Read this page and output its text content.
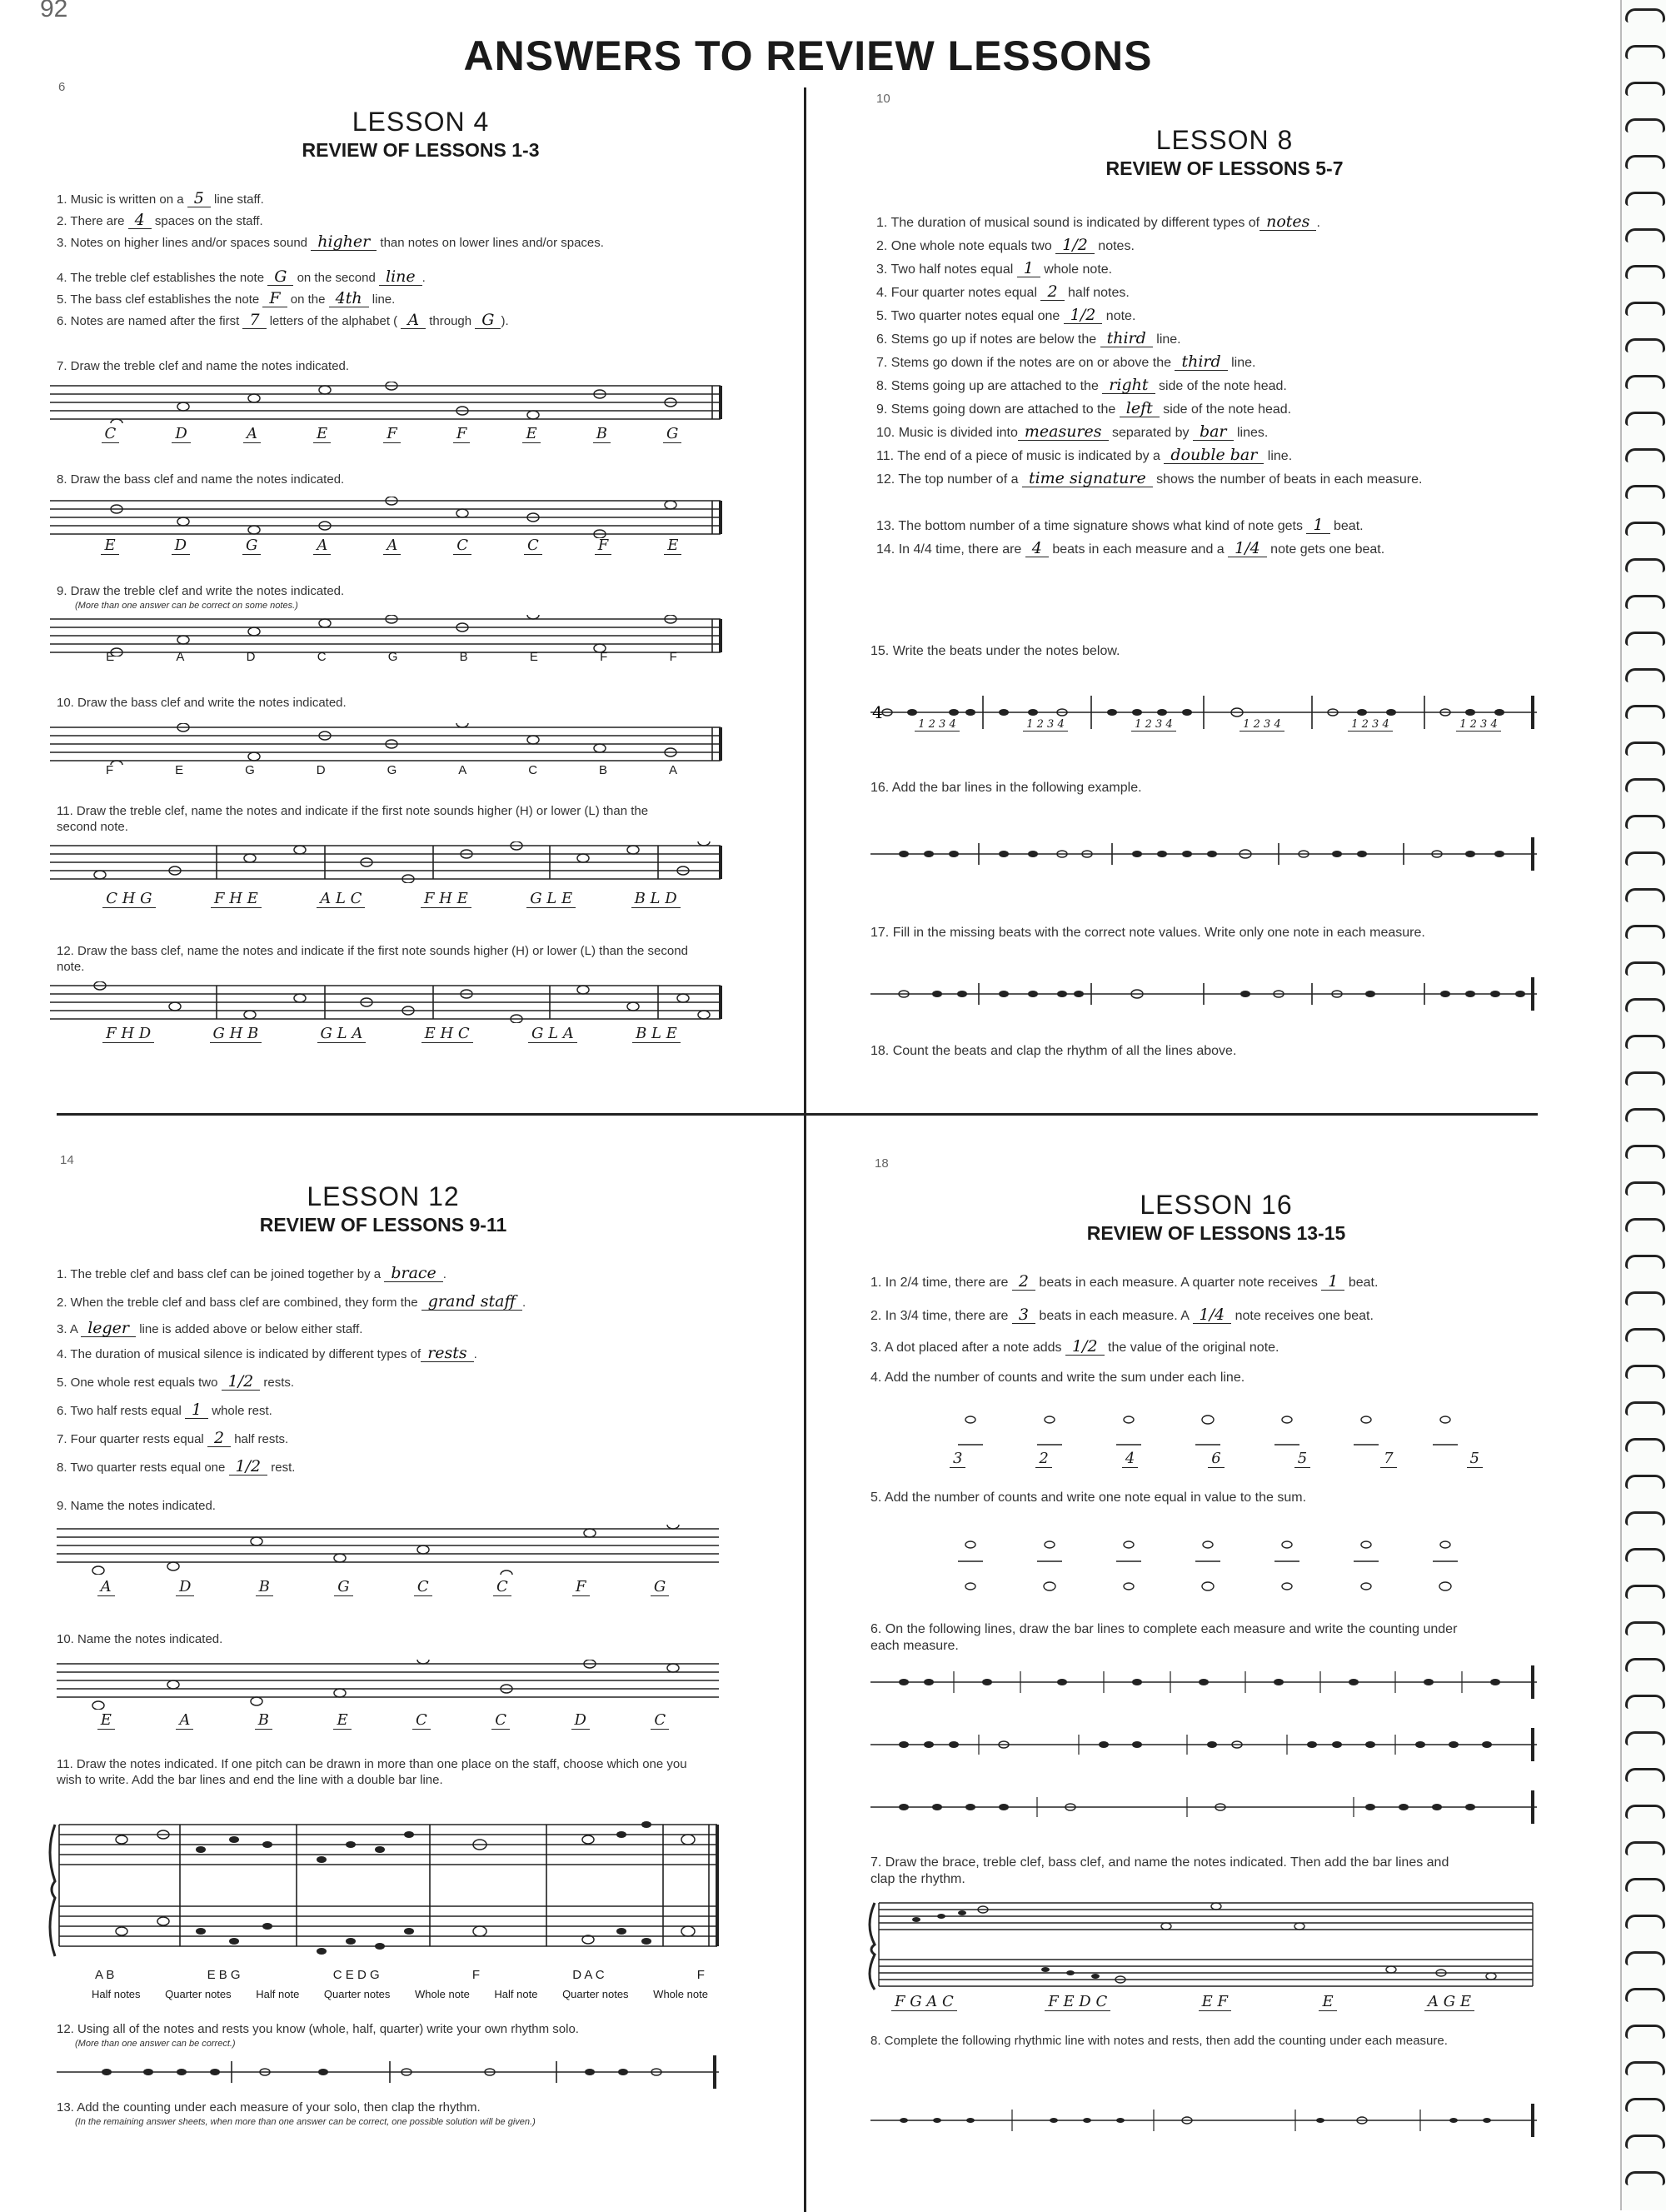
92
ANSWERS TO REVIEW LESSONS
6
LESSON 4
REVIEW OF LESSONS 1-3
1. Music is written on a 5 line staff.
2. There are 4 spaces on the staff.
3. Notes on higher lines and/or spaces sound higher than notes on lower lines and/or spaces.
4. The treble clef establishes the note G on the second line .
5. The bass clef establishes the note F on the 4th line.
6. Notes are named after the first 7 letters of the alphabet ( A through G ).
7. Draw the treble clef and name the notes indicated.
C	D	A	E	F	F	E	B	G
8. Draw the bass clef and name the notes indicated.
E	D	G	A	A	C	C	F	E
9. Draw the treble clef and write the notes indicated.
(More than one answer can be correct on some notes.)
E	A	D	C	G	B	E	F	F
10. Draw the bass clef and write the notes indicated.
F	E	G	D	G	A	C	B	A
11. Draw the treble clef, name the notes and indicate if the first note sounds higher (H) or lower (L) than the second note.
C H G	F H E	A L C	F H E	G L E	B L D
12. Draw the bass clef, name the notes and indicate if the first note sounds higher (H) or lower (L) than the second note.
F H D	G H B	G L A	E H C	G L A	B L E
10
LESSON 8
REVIEW OF LESSONS 5-7
1. The duration of musical sound is indicated by different types of notes .
2. One whole note equals two 1/2 notes.
3. Two half notes equal 1 whole note.
4. Four quarter notes equal 2 half notes.
5. Two quarter notes equal one 1/2 note.
6. Stems go up if notes are below the third line.
7. Stems go down if the notes are on or above the third line.
8. Stems going up are attached to the right side of the note head.
9. Stems going down are attached to the left side of the note head.
10. Music is divided into measures separated by bar lines.
11. The end of a piece of music is indicated by a double bar line.
12. The top number of a time signature shows the number of beats in each measure.
13. The bottom number of a time signature shows what kind of note gets 1 beat.
14. In 4/4 time, there are 4 beats in each measure and a 1/4 note gets one beat.
15. Write the beats under the notes below.
4
1 2 3 4	1 2 3 4	1 2 3 4	1 2 3 4	1 2 3 4	1 2 3 4
16. Add the bar lines in the following example.
17. Fill in the missing beats with the correct note values. Write only one note in each measure.
18. Count the beats and clap the rhythm of all the lines above.
14
LESSON 12
REVIEW OF LESSONS 9-11
1. The treble clef and bass clef can be joined together by a brace .
2. When the treble clef and bass clef are combined, they form the grand staff .
3. A leger line is added above or below either staff.
4. The duration of musical silence is indicated by different types of rests .
5. One whole rest equals two 1/2 rests.
6. Two half rests equal 1 whole rest.
7. Four quarter rests equal 2 half rests.
8. Two quarter rests equal one 1/2 rest.
9. Name the notes indicated.
A	D	B	G	C	C	F	G
10. Name the notes indicated.
E	A	B	E	C	C	D	C
11. Draw the notes indicated. If one pitch can be drawn in more than one place on the staff, choose which one you wish to write. Add the bar lines and end the line with a double bar line.
A B	E B G	C E D G	F	D A C	F
Half notes Quarter notes Half note Quarter notes Whole note Half note Quarter notes Whole note
12. Using all of the notes and rests you know (whole, half, quarter) write your own rhythm solo.
(More than one answer can be correct.)
13. Add the counting under each measure of your solo, then clap the rhythm.
(In the remaining answer sheets, when more than one answer can be correct, one possible solution will be given.)
18
LESSON 16
REVIEW OF LESSONS 13-15
1. In 2/4 time, there are 2 beats in each measure. A quarter note receives 1 beat.
2. In 3/4 time, there are 3 beats in each measure. A 1/4 note receives one beat.
3. A dot placed after a note adds 1/2 the value of the original note.
4. Add the number of counts and write the sum under each line.
3	2	4	6	5	7	5
5. Add the number of counts and write one note equal in value to the sum.
6. On the following lines, draw the bar lines to complete each measure and write the counting under each measure.
7. Draw the brace, treble clef, bass clef, and name the notes indicated. Then add the bar lines and clap the rhythm.
F G A C	F E D C	E F	E	A G E
8. Complete the following rhythmic line with notes and rests, then add the counting under each measure.
